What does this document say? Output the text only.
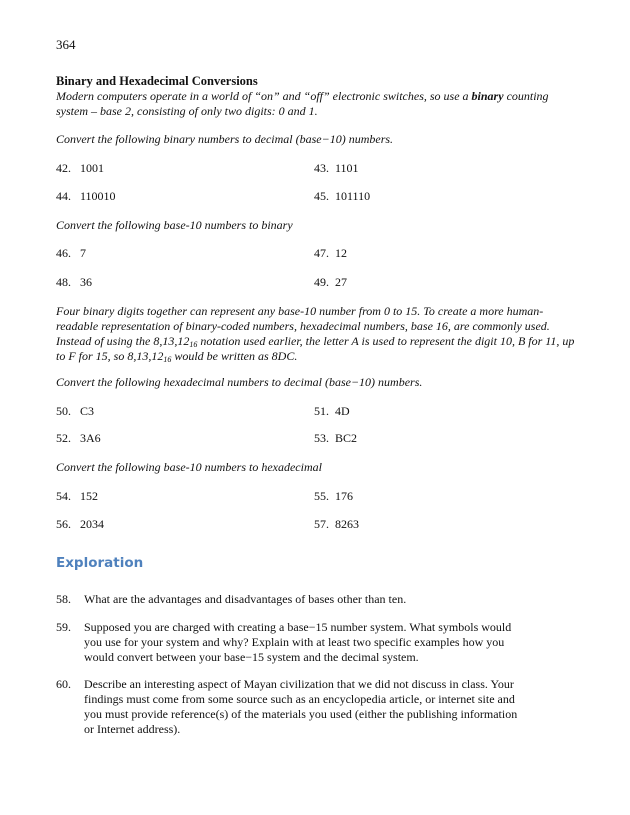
364
Binary and Hexadecimal Conversions
Modern computers operate in a world of “on” and “off” electronic switches, so use a binary counting system – base 2, consisting of only two digits: 0 and 1.
Convert the following binary numbers to decimal (base−10) numbers.
42. 1001	43. 1101
44. 110010	45. 101110
Convert the following base-10 numbers to binary
46. 7	47. 12
48. 36	49. 27
Four binary digits together can represent any base-10 number from 0 to 15. To create a more human-readable representation of binary-coded numbers, hexadecimal numbers, base 16, are commonly used. Instead of using the $8,13,12_{16}$ notation used earlier, the letter A is used to represent the digit 10, B for 11, up to F for 15, so $8,13,12_{16}$ would be written as 8DC.
Convert the following hexadecimal numbers to decimal (base−10) numbers.
50. C3	51. 4D
52. 3A6	53. BC2
Convert the following base-10 numbers to hexadecimal
54. 152	55. 176
56. 2034	57. 8263
Exploration
58. What are the advantages and disadvantages of bases other than ten.
59. Supposed you are charged with creating a base−15 number system. What symbols would you use for your system and why? Explain with at least two specific examples how you would convert between your base−15 system and the decimal system.
60. Describe an interesting aspect of Mayan civilization that we did not discuss in class. Your findings must come from some source such as an encyclopedia article, or internet site and you must provide reference(s) of the materials you used (either the publishing information or Internet address).
